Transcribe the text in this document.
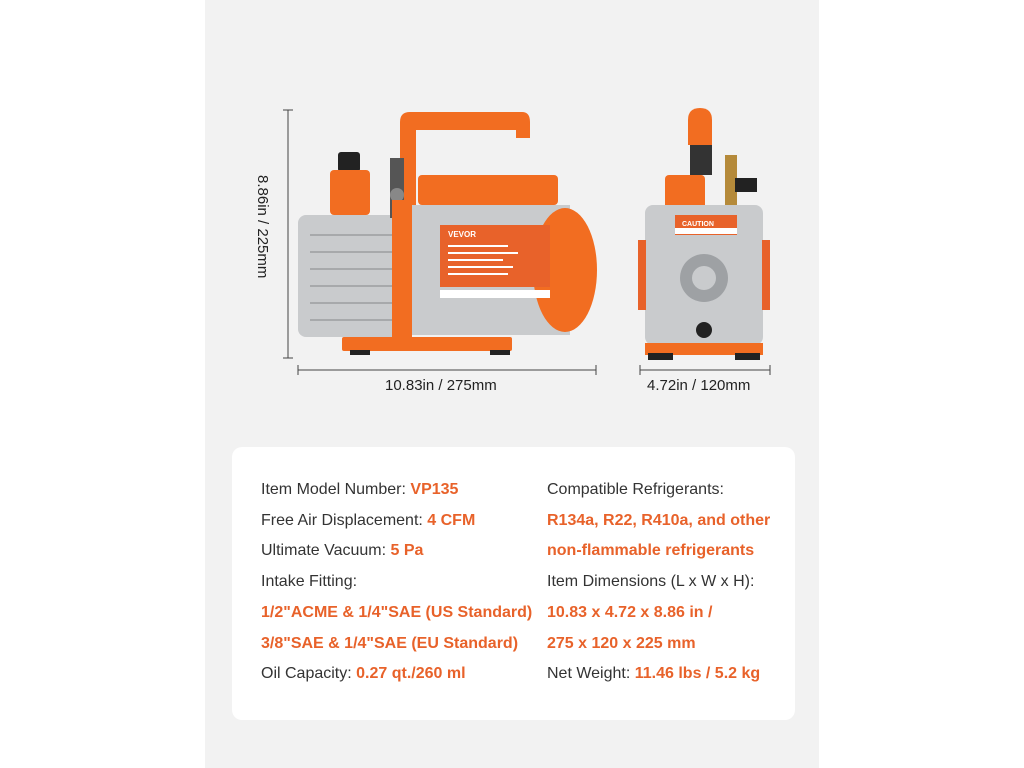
VEVOR
CAUTION
8.86in / 225mm
10.83in / 275mm	4.72in / 120mm
Item Model Number: VP135
Free Air Displacement: 4 CFM
Ultimate Vacuum: 5 Pa
Intake Fitting:
1/2"ACME & 1/4"SAE (US Standard)
3/8"SAE & 1/4"SAE (EU Standard)
Oil Capacity: 0.27 qt./260 ml
Compatible Refrigerants:
R134a, R22, R410a, and other
non-flammable refrigerants
Item Dimensions (L x W x H):
10.83 x 4.72 x 8.86 in /
275 x 120 x 225 mm
Net Weight: 11.46 lbs / 5.2 kg
